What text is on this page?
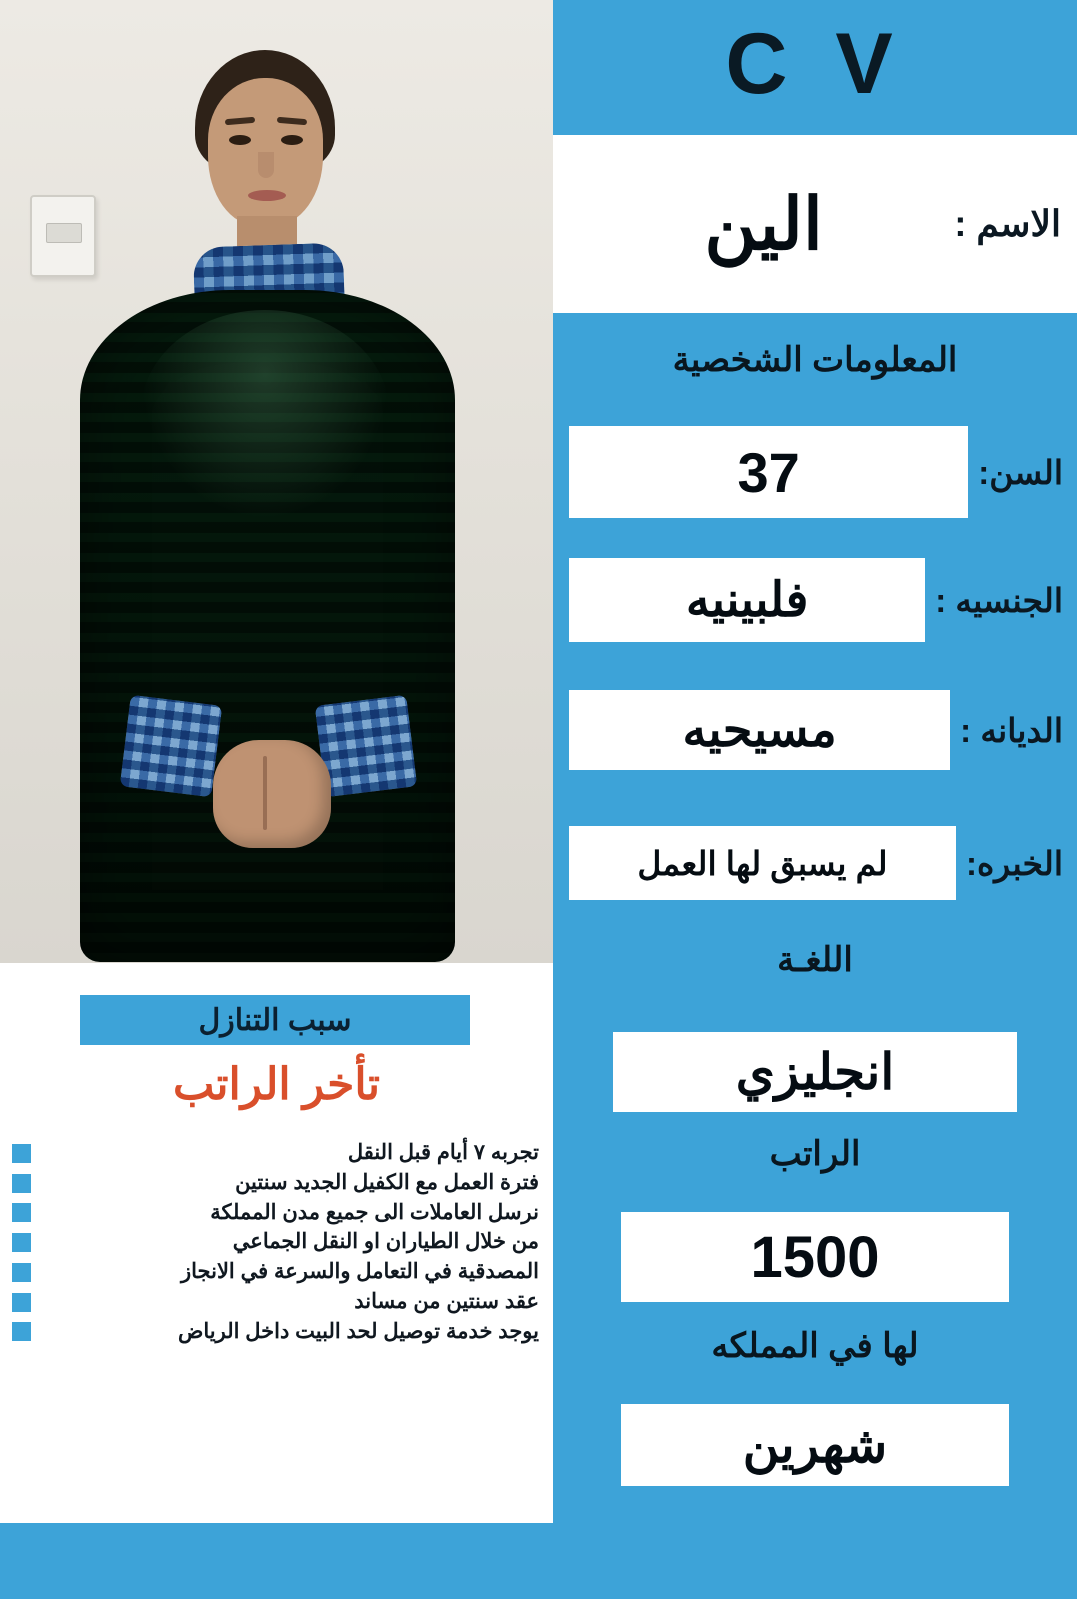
سبب التنازل
تأخر الراتب
تجربه ٧ أيام قبل النقل
فترة العمل مع الكفيل الجديد سنتين
نرسل العاملات الى جميع مدن المملكة
من خلال الطياران او النقل الجماعي
المصدقية في التعامل والسرعة في الانجاز
عقد سنتين من مساند
يوجد خدمة توصيل لحد البيت داخل الرياض
C V
الاسم :
الين
المعلومات الشخصية
السن:
37
الجنسيه :
فلبينيه
الديانه :
مسيحيه
الخبره:
لم يسبق لها العمل
اللغـة
انجليزي
الراتب
1500
لها في المملكه
شهرين
